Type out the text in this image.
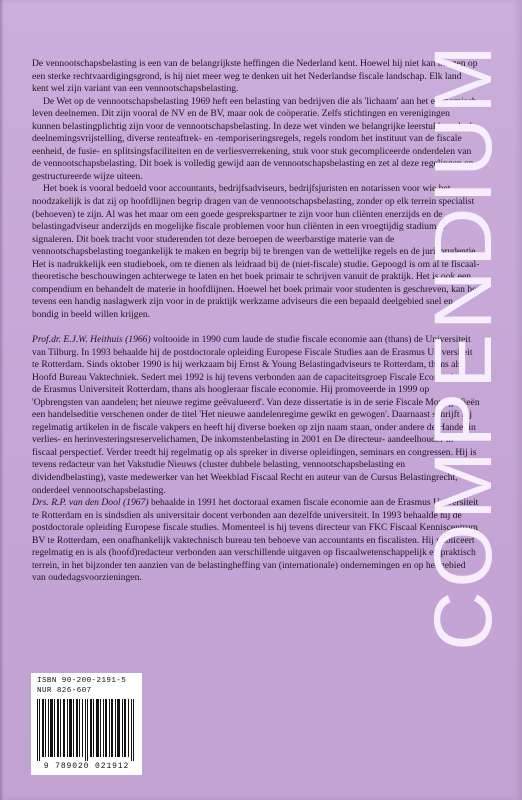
De vennootschapsbelasting is een van de belangrijkste heffingen die Nederland kent. Hoewel hij niet kan beogen op een sterke rechtvaardigingsgrond, is hij niet meer weg te denken uit het Nederlandse fiscale landschap. Elk land kent wel zijn variant van een vennootschapsbelasting.

De Wet op de vennootschapsbelasting 1969 heft een belasting van bedrijven die als 'lichaam' aan het economisch leven deelnemen. Dit zijn vooral de NV en de BV, maar ook de coöperatie. Zelfs stichtingen en verenigingen kunnen belastingplichtig zijn voor de vennootschapsbelasting. In deze wet vinden we belangrijke leerstukken als de deelnemingsvrijstelling, diverse renteaftrek- en -temporiseringsregels, regels rondom het instituut van de fiscale eenheid, de fusie- en splitsingsfaciliteiten en de verliesverrekening, stuk voor stuk gecompliceerde onderdelen van de vennootschapsbelasting. Dit boek is volledig gewijd aan de vennootschapsbelasting en zet al deze regelingen op gestructureerde wijze uiteen.

Het boek is vooral bedoeld voor accountants, bedrijfsadviseurs, bedrijfsjuristen en notarissen voor wie het noodzakelijk is dat zij op hoofdlijnen begrip dragen van de vennootschapsbelasting, zonder op elk terrein specialist (behoeven) te zijn. Al was het maar om een goede gesprekspartner te zijn voor hun cliënten enerzijds en de belastingadviseur anderzijds en mogelijke fiscale problemen voor hun cliënten in een vroegtijdig stadium te signaleren. Dit boek tracht voor studerenden tot deze beroepen de weerbarstige materie van de vennootschapsbelasting toegankelijk te maken en begrip bij te brengen van de wettelijke regels en de jurisprudentie. Het is nadrukkelijk een studieboek, om te dienen als leidraad bij de (niet-fiscale) studie. Gepoogd is om al te fiscaal-theoretische beschouwingen achterwege te laten en het boek primair te schrijven vanuit de praktijk. Het is ook een compendium en behandelt de materie in hoofdlijnen. Hoewel het boek primair voor studenten is geschreven, kan het tevens een handig naslagwerk zijn voor in de praktijk werkzame adviseurs die een bepaald deelgebied snel en bondig in beeld willen krijgen.

Prof.dr. E.J.W. Heithuis (1966) voltooide in 1990 cum laude de studie fiscale economie aan (thans) de Universiteit van Tilburg. In 1993 behaalde hij de postdoctorale opleiding Europese Fiscale Studies aan de Erasmus Universiteit te Rotterdam. Sinds oktober 1990 is hij werkzaam bij Ernst & Young Belastingadviseurs te Rotterdam, thans als Hoofd Bureau Vaktechniek. Sedert mei 1992 is hij tevens verbonden aan de capaciteitsgroep Fiscale Economie van de Erasmus Universiteit Rotterdam, thans als hoogleraar fiscale economie. Hij promoveerde in 1999 op 'Opbrengsten van aandelen; het nieuwe regime geëvalueerd'. Van deze dissertatie is in de serie Fiscale Monografieën een handelseditie verschenen onder de titel 'Het nieuwe aandelenregime gewikt en gewogen'. Daarnaast schrijft hij regelmatig artikelen in de fiscale vakpers en heeft hij diverse boeken op zijn naam staan, onder andere de Handel in verlies- en herinvesteringsreservelichamen, De inkomstenbelasting in 2001 en De directeur- aandeelhouder in fiscaal perspectief. Verder treedt hij regelmatig op als spreker in diverse opleidingen, seminars en congressen. Hij is tevens redacteur van het Vakstudie Nieuws (cluster dubbele belasting, vennootschapsbelasting en dividendbelasting), vaste medewerker van het Weekblad Fiscaal Recht en auteur van de Cursus Belastingrecht, onderdeel vennootschapsbelasting.

Drs. R.P. van den Dool (1967) behaalde in 1991 het doctoraal examen fiscale economie aan de Erasmus Universiteit te Rotterdam en is sindsdien als universitair docent verbonden aan dezelfde universiteit. In 1993 behaalde hij de postdoctorale opleiding Europese fiscale studies. Momenteel is hij tevens directeur van FKC Fiscaal Kenniscentrum BV te Rotterdam, een onafhankelijk vaktechnisch bureau ten behoeve van accountants en fiscalisten. Hij publiceert regelmatig en is als (hoofd)redacteur verbonden aan verschillende uitgaven op fiscaalwetenschappelijk en praktisch terrein, in het bijzonder ten aanzien van de belastingheffing van (internationale) ondernemingen en op het gebied van oudedagsvoorzieningen.	COMPENDIUM
ISBN 90-200-2191-5
NUR 826-607
9 789020 021912
